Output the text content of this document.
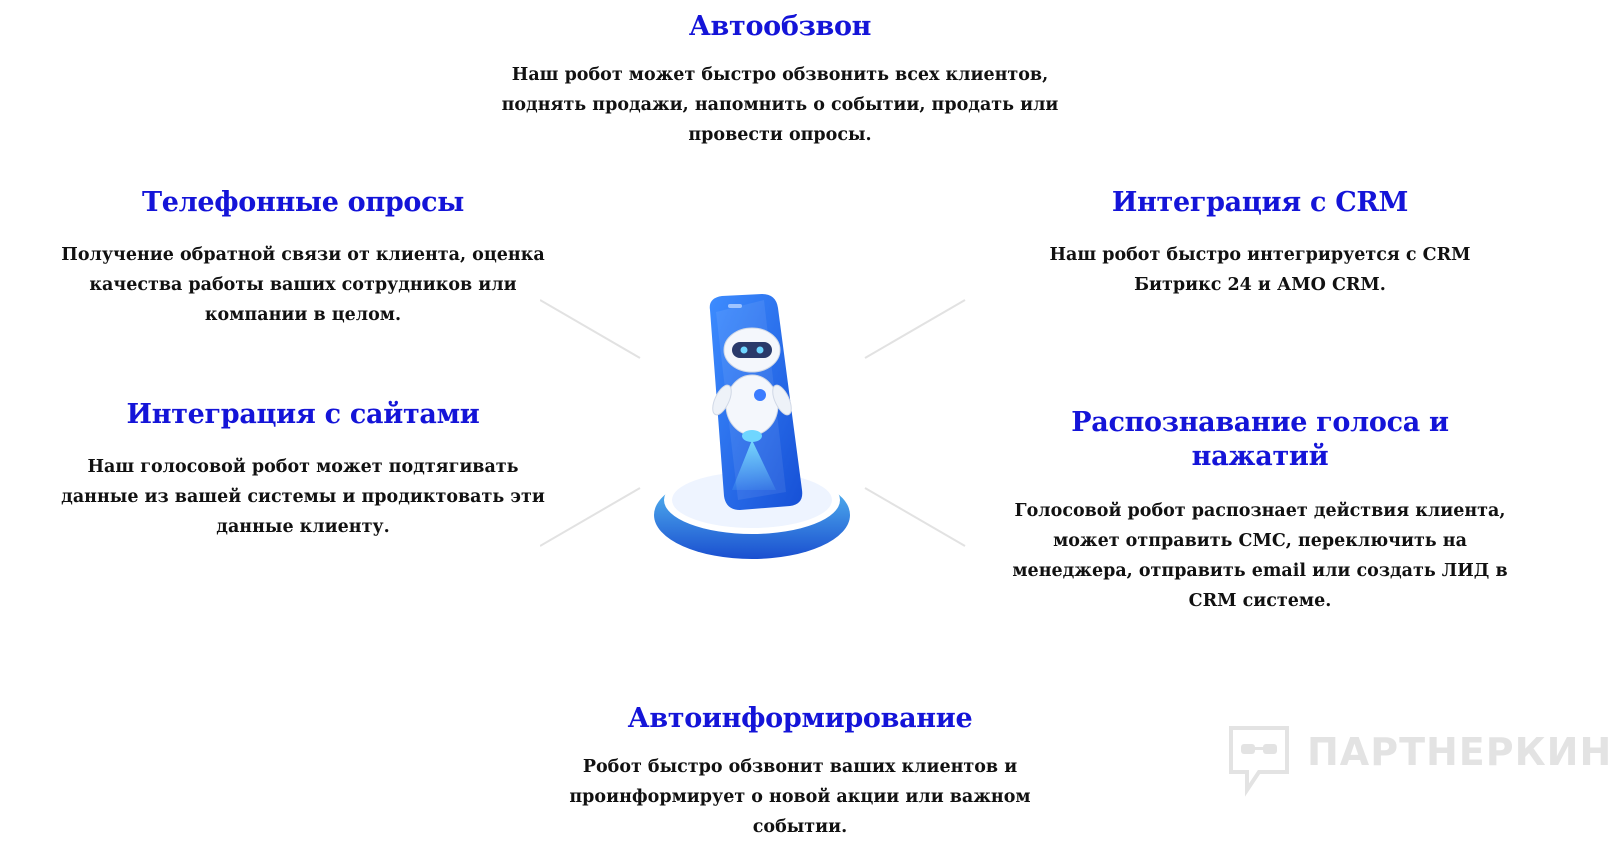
Автообзвон
Наш робот может быстро обзвонить всех клиентов,
поднять продажи, напомнить о событии, продать или
провести опросы.
Телефонные опросы
Получение обратной связи от клиента, оценка
качества работы ваших сотрудников или
компании в целом.
Интеграция с сайтами
Наш голосовой робот может подтягивать
данные из вашей системы и продиктовать эти
данные клиенту.
Интеграция с CRM
Наш робот быстро интегрируется с CRM
Битрикс 24 и АМО CRM.
Распознавание голоса и нажатий
Голосовой робот распознает действия клиента,
может отправить СМС, переключить на
менеджера, отправить email или создать ЛИД в
CRM системе.
Автоинформирование
Робот быстро обзвонит ваших клиентов и
проинформирует о новой акции или важном
событии.
ПАРТНЕРКИН
